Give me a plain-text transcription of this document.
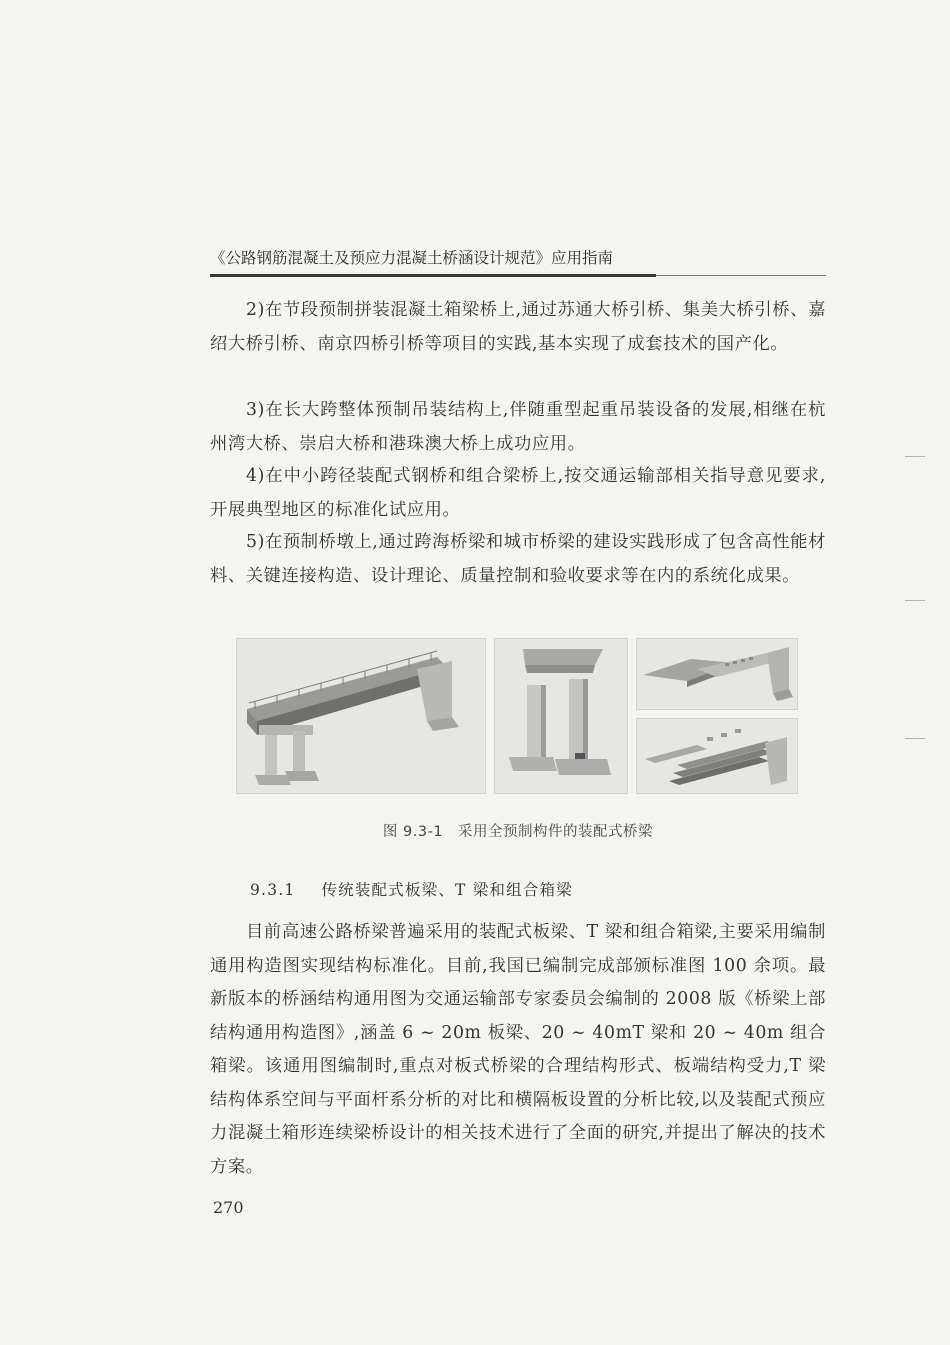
《公路钢筋混凝土及预应力混凝土桥涵设计规范》应用指南

2)在节段预制拼装混凝土箱梁桥上,通过苏通大桥引桥、集美大桥引桥、嘉绍大桥引桥、南京四桥引桥等项目的实践,基本实现了成套技术的国产化。

3)在长大跨整体预制吊装结构上,伴随重型起重吊装设备的发展,相继在杭州湾大桥、崇启大桥和港珠澳大桥上成功应用。

4)在中小跨径装配式钢桥和组合梁桥上,按交通运输部相关指导意见要求,开展典型地区的标准化试应用。

5)在预制桥墩上,通过跨海桥梁和城市桥梁的建设实践形成了包含高性能材料、关键连接构造、设计理论、质量控制和验收要求等在内的系统化成果。

图 9.3-1　采用全预制构件的装配式桥梁
9.3.1 传统装配式板梁、T 梁和组合箱梁

目前高速公路桥梁普遍采用的装配式板梁、T 梁和组合箱梁,主要采用编制通用构造图实现结构标准化。目前,我国已编制完成部颁标准图 100 余项。最新版本的桥涵结构通用图为交通运输部专家委员会编制的 2008 版《桥梁上部结构通用构造图》,涵盖 6 ~ 20m 板梁、20 ~ 40mT 梁和 20 ~ 40m 组合箱梁。该通用图编制时,重点对板式桥梁的合理结构形式、板端结构受力,T 梁结构体系空间与平面杆系分析的对比和横隔板设置的分析比较,以及装配式预应力混凝土箱形连续梁桥设计的相关技术进行了全面的研究,并提出了解决的技术方案。

270
